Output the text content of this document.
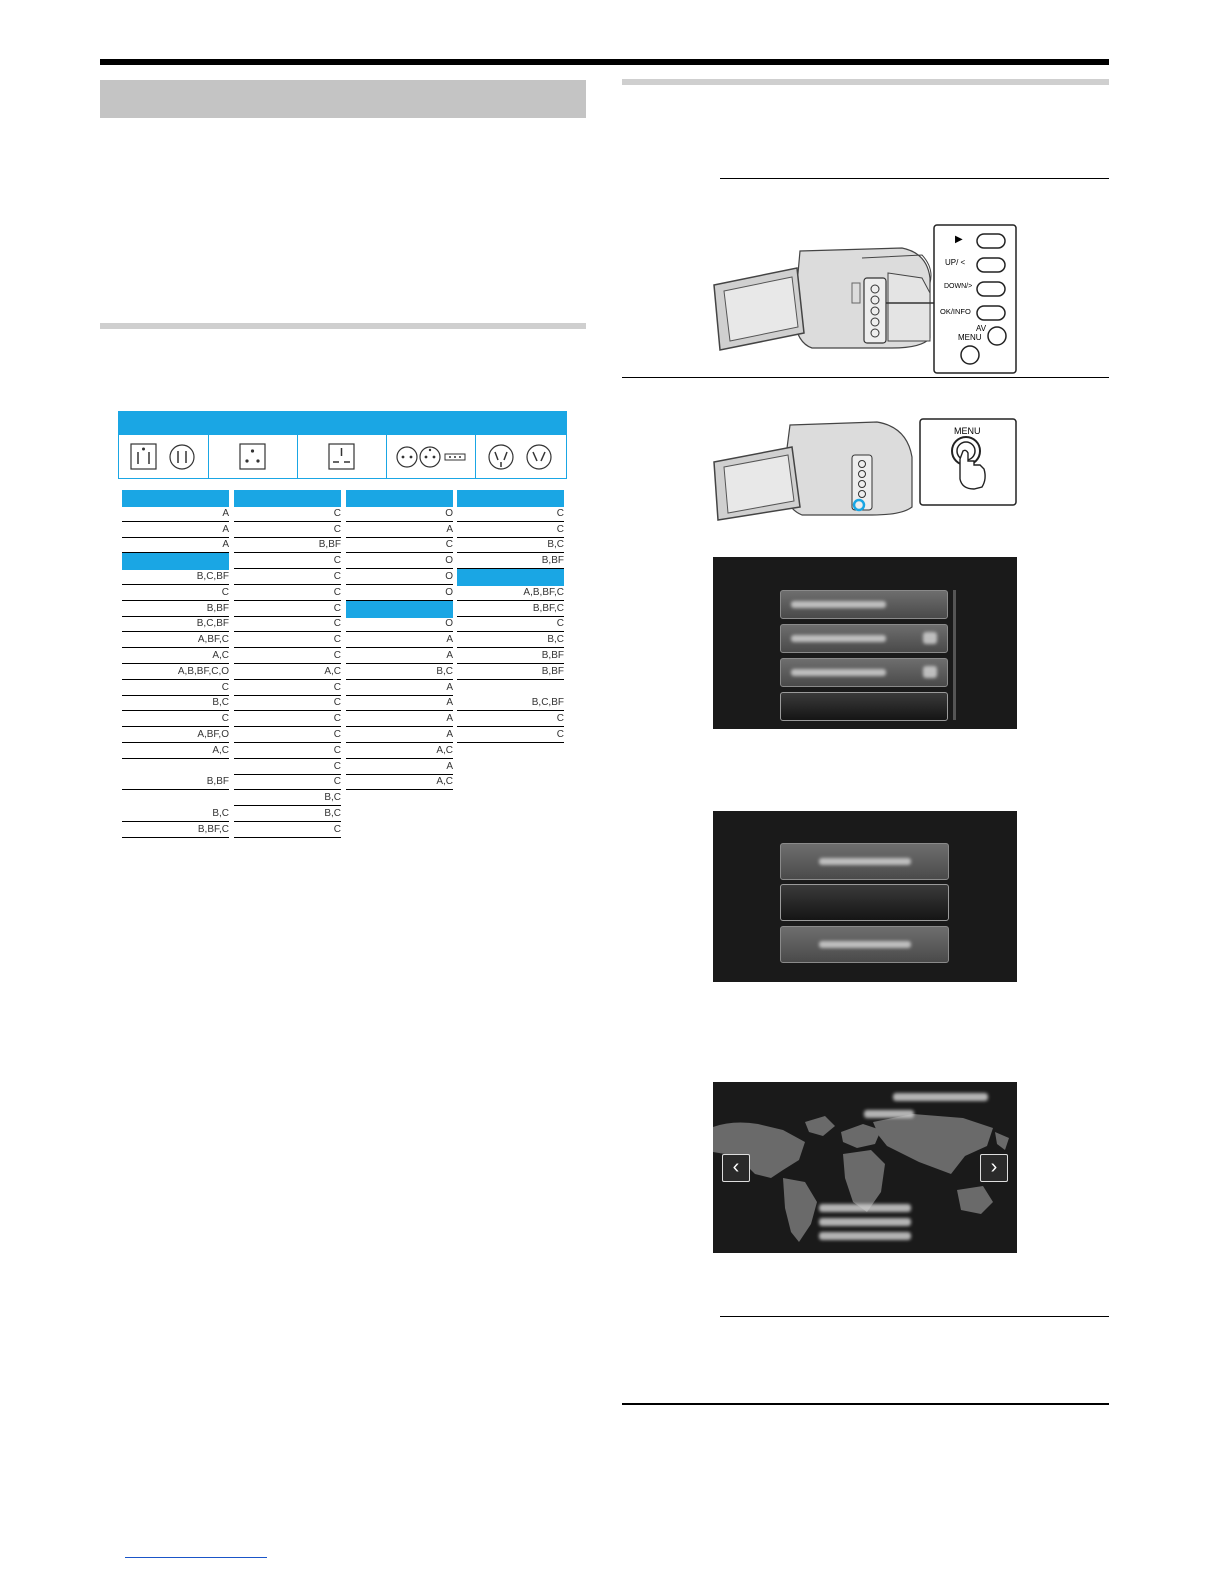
A
A
A
B,C,BF
C
B,BF
B,C,BF
A,BF,C
A,C
A,B,BF,C,O
C
B,C
C
A,BF,O
A,C
B,BF
B,C
B,BF,C
C
C
B,BF
C
C
C
C
C
C
C
A,C
C
C
C
C
C
C
C
B,C
B,C
C
O
A
C
O
O
O
O
A
A
B,C
A
A
A
A
A,C
A
A,C
C
C
B,C
B,BF
A,B,BF,C
B,BF,C
C
B,C
B,BF
B,BF
B,C,BF
C
C
▶
UP/ <
DOWN/>
OK/INFO
AV
MENU
MENU
‹	›
